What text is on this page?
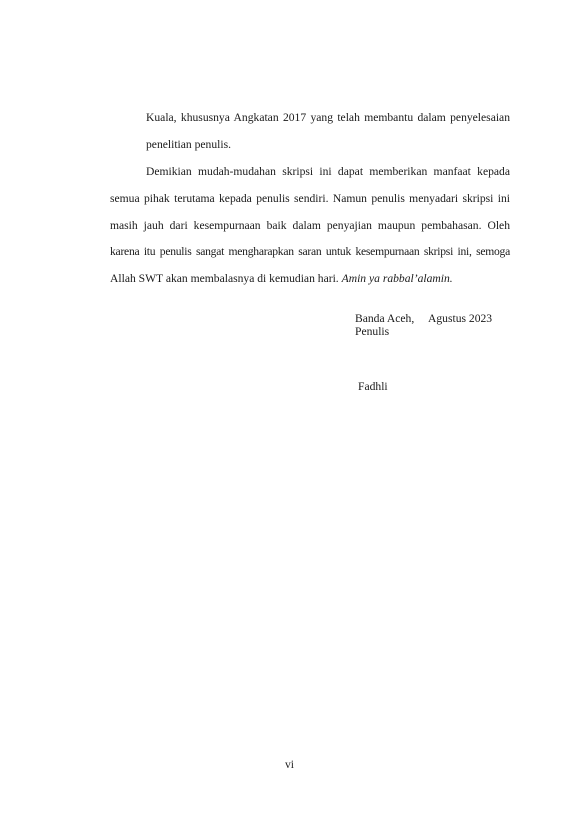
Kuala, khususnya Angkatan 2017 yang telah membantu dalam penyelesaian
penelitian penulis.
Demikian mudah-mudahan skripsi ini dapat memberikan manfaat kepada
semua pihak terutama kepada penulis sendiri. Namun penulis menyadari skripsi ini
masih jauh dari kesempurnaan baik dalam penyajian maupun pembahasan. Oleh
karena itu penulis sangat mengharapkan saran untuk kesempurnaan skripsi ini, semoga
Allah SWT akan membalasnya di kemudian hari. Amin ya rabbal’alamin.
Banda Aceh, Agustus 2023
Penulis
Fadhli
vi
